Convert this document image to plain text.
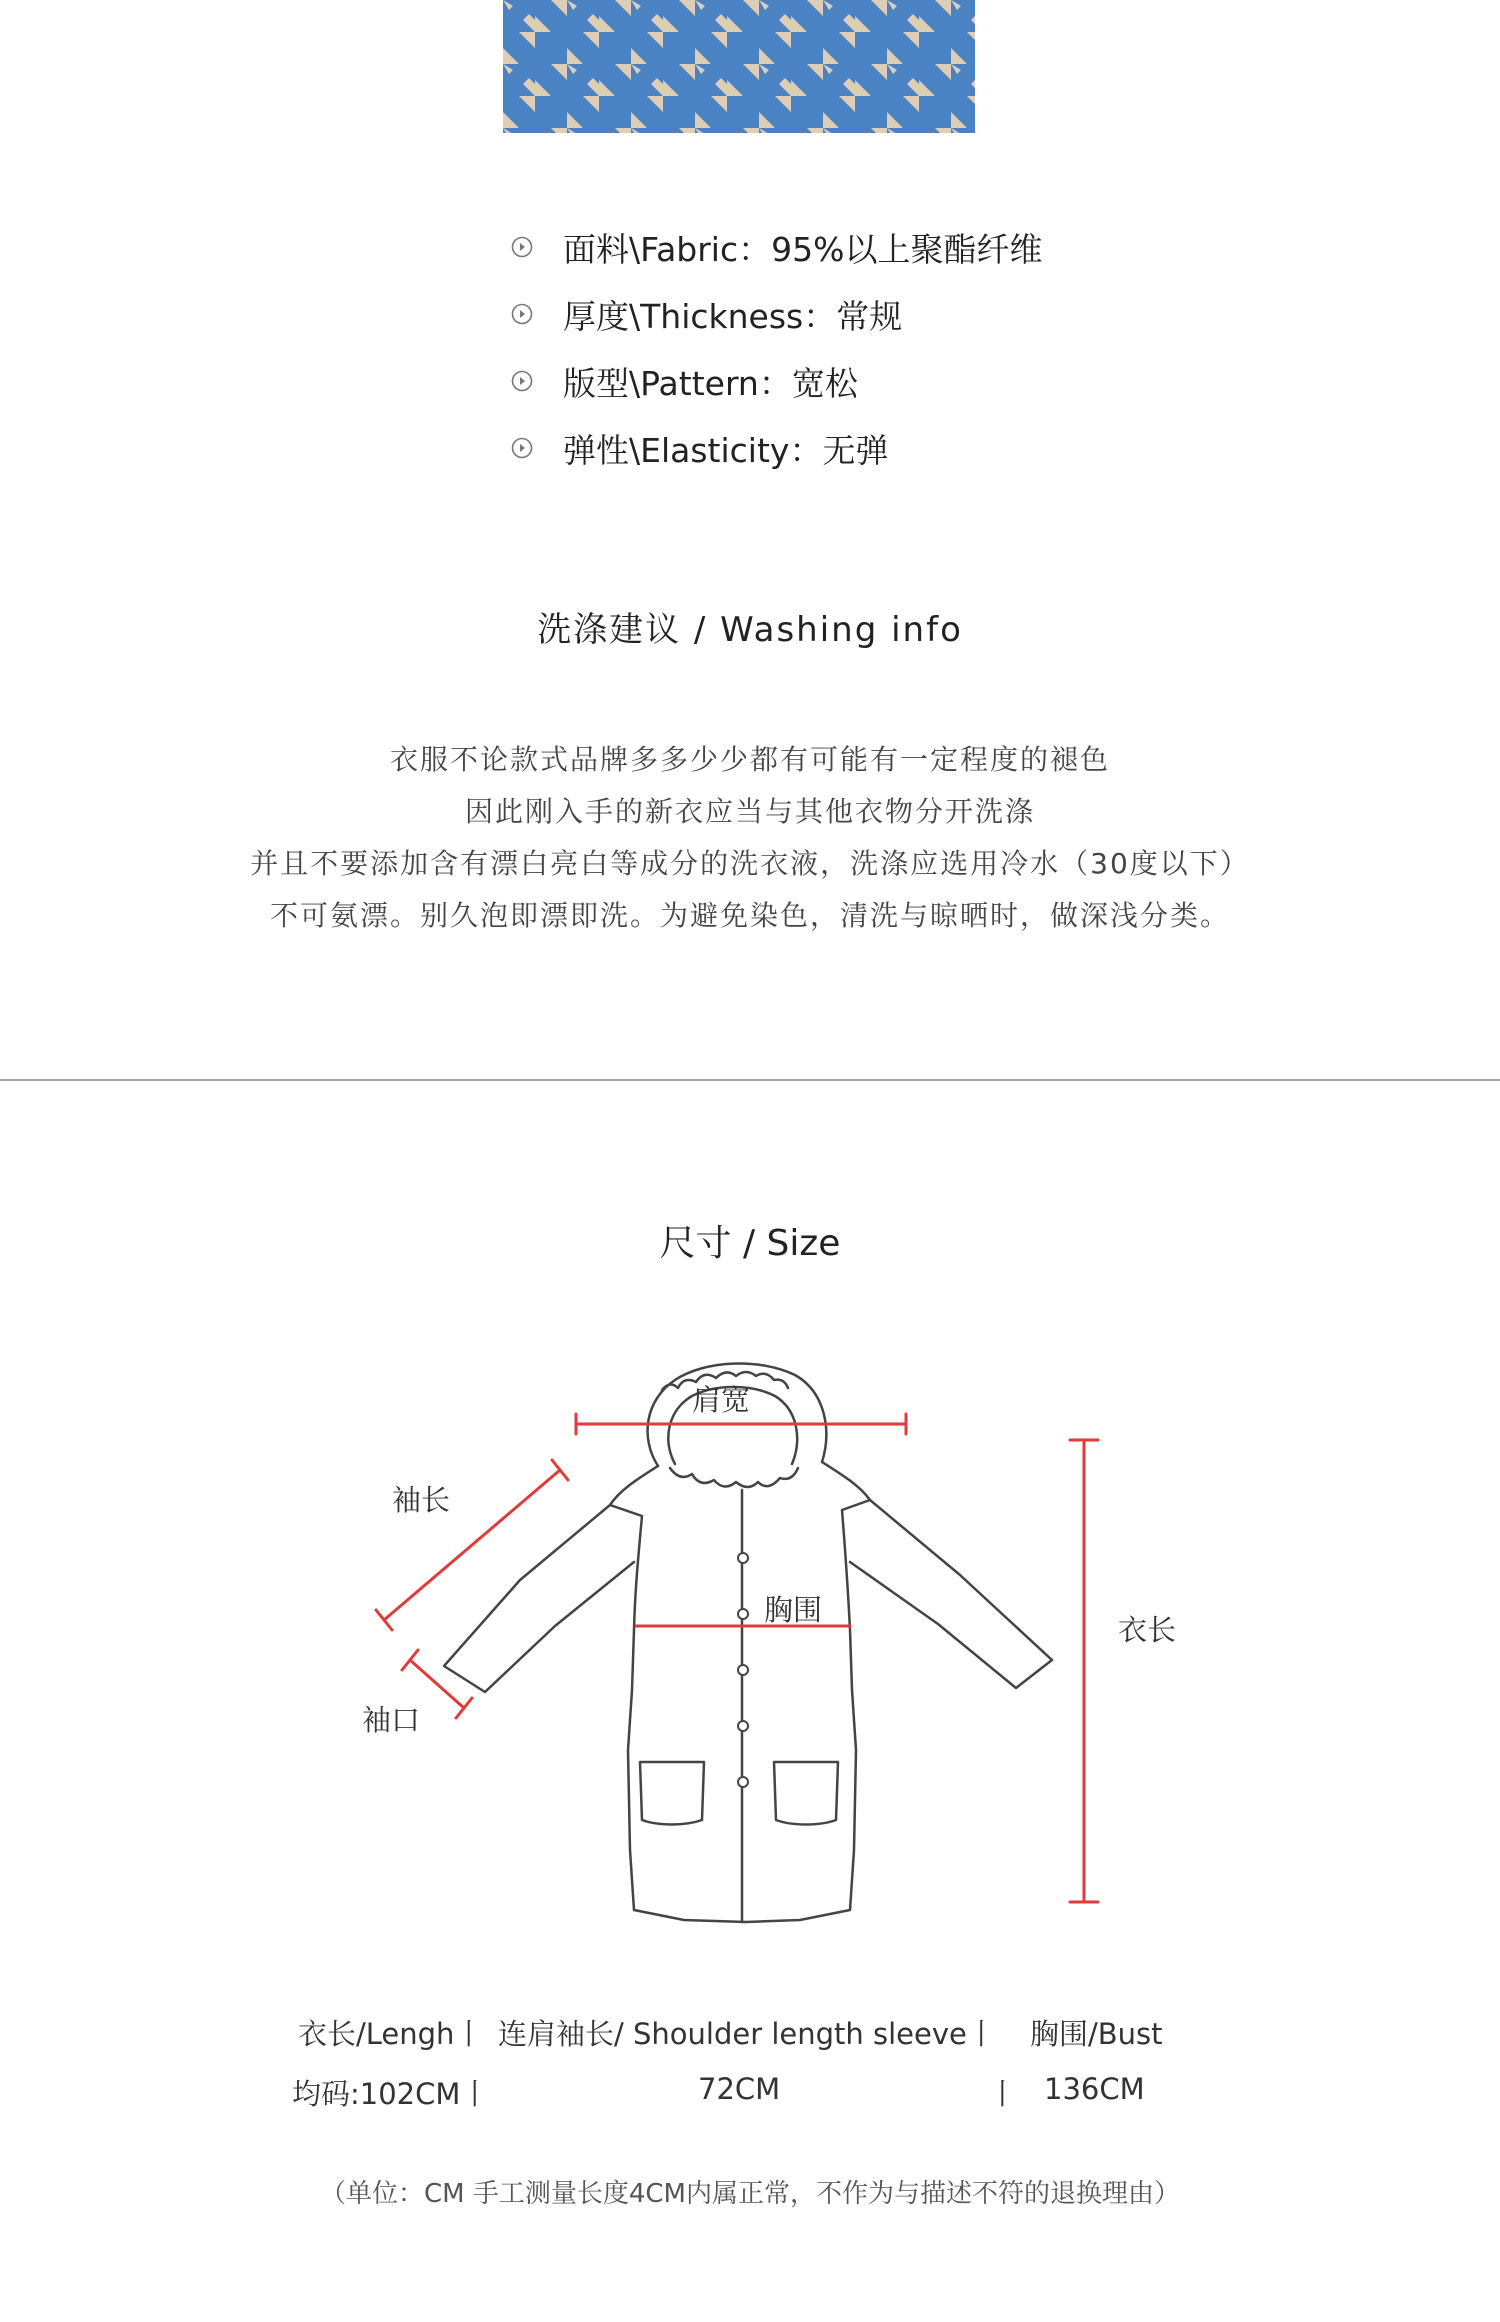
面料\Fabric：95%以上聚酯纤维
厚度\Thickness：常规
版型\Pattern：宽松
弹性\Elasticity：无弹
洗涤建议 / Washing info
衣服不论款式品牌多多少少都有可能有一定程度的褪色
因此刚入手的新衣应当与其他衣物分开洗涤
并且不要添加含有漂白亮白等成分的洗衣液，洗涤应选用冷水（30度以下）
不可氨漂。别久泡即漂即洗。为避免染色，清洗与晾晒时，做深浅分类。
尺寸 / Size
肩宽
袖长
袖口
胸围
衣长
衣长/Lengh丨 连肩袖长/ Shoulder length sleeve丨 胸围/Bust
均码:102CM丨	72CM	丨 136CM
（单位：CM 手工测量长度4CM内属正常，不作为与描述不符的退换理由）
